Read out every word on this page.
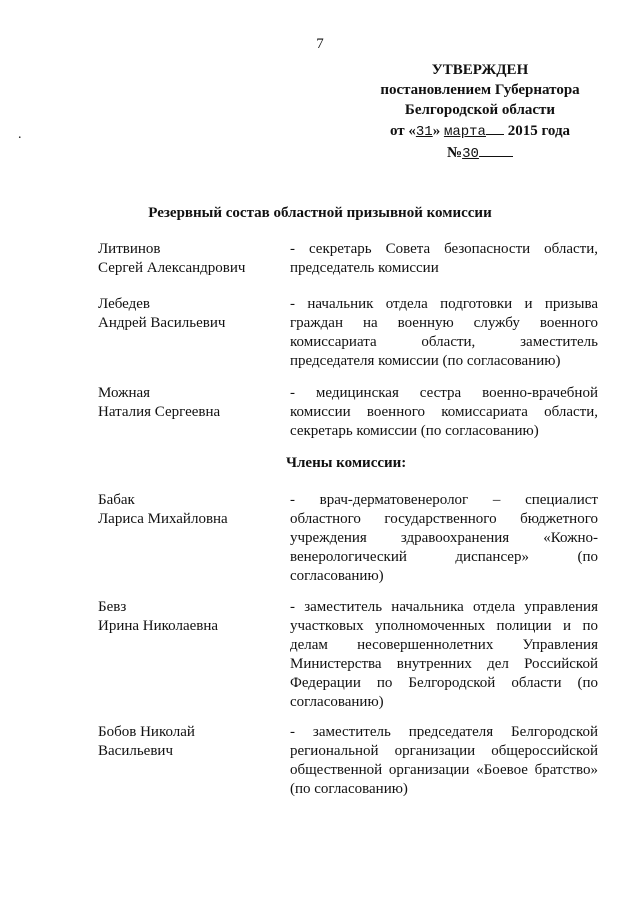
7
УТВЕРЖДЕН
постановлением Губернатора
Белгородской области
от «31» марта 2015 года
№30
.
Резервный состав областной призывной комиссии
Литвинов
Сергей Александрович
- секретарь Совета безопасности области, председатель комиссии
Лебедев
Андрей Васильевич
- начальник отдела подготовки и призыва граждан на военную службу военного комиссариата области, заместитель председателя комиссии (по согласованию)
Можная
Наталия Сергеевна
- медицинская сестра военно-врачебной комиссии военного комиссариата области, секретарь комиссии (по согласованию)
Члены комиссии:
Бабак
Лариса Михайловна
- врач-дерматовенеролог – специалист областного государственного бюджетного учреждения здравоохранения «Кожно-венерологический диспансер» (по согласованию)
Бевз
Ирина Николаевна
- заместитель начальника отдела управления участковых уполномоченных полиции и по делам несовершеннолетних Управления Министерства внутренних дел Российской Федерации по Белгородской области (по согласованию)
Бобов Николай
Васильевич
- заместитель председателя Белгородской региональной организации общероссийской общественной организации «Боевое братство» (по согласованию)
